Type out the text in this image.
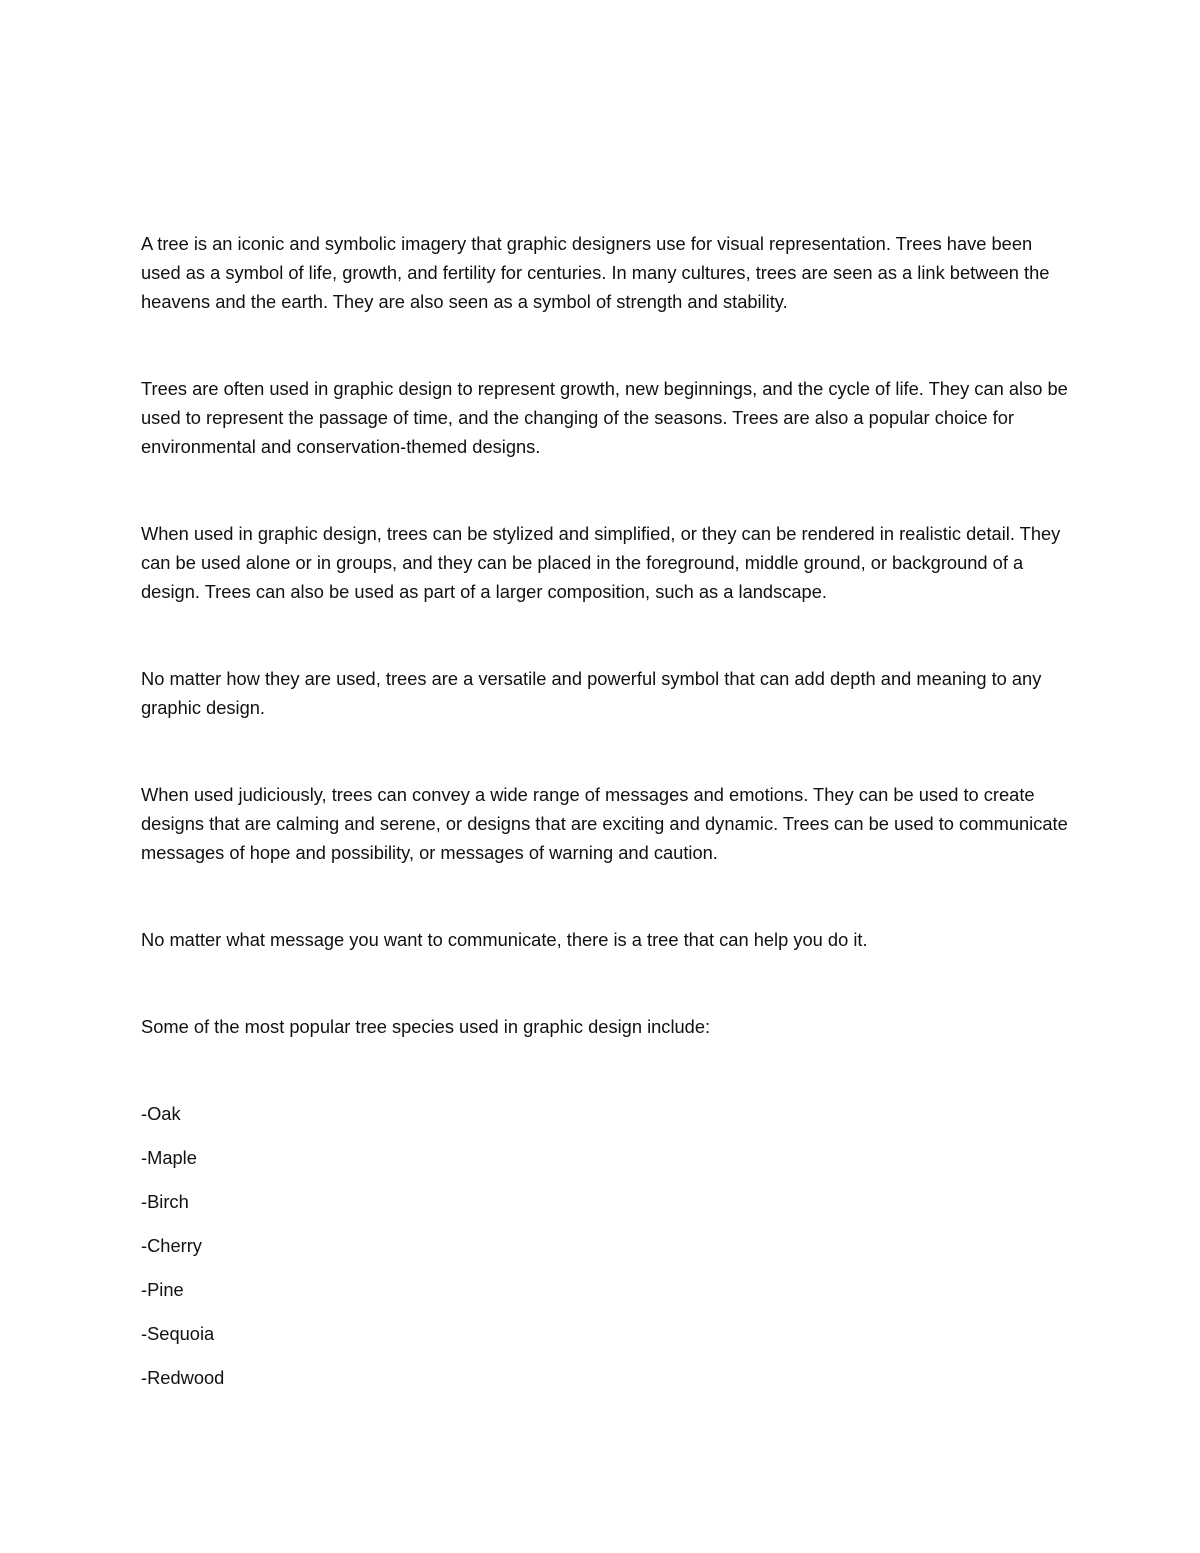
A tree is an iconic and symbolic imagery that graphic designers use for visual representation. Trees have been used as a symbol of life, growth, and fertility for centuries. In many cultures, trees are seen as a link between the heavens and the earth. They are also seen as a symbol of strength and stability.

Trees are often used in graphic design to represent growth, new beginnings, and the cycle of life. They can also be used to represent the passage of time, and the changing of the seasons. Trees are also a popular choice for environmental and conservation-themed designs.

When used in graphic design, trees can be stylized and simplified, or they can be rendered in realistic detail. They can be used alone or in groups, and they can be placed in the foreground, middle ground, or background of a design. Trees can also be used as part of a larger composition, such as a landscape.

No matter how they are used, trees are a versatile and powerful symbol that can add depth and meaning to any graphic design.

When used judiciously, trees can convey a wide range of messages and emotions. They can be used to create designs that are calming and serene, or designs that are exciting and dynamic. Trees can be used to communicate messages of hope and possibility, or messages of warning and caution.

No matter what message you want to communicate, there is a tree that can help you do it.

Some of the most popular tree species used in graphic design include:

-Oak
-Maple
-Birch
-Cherry
-Pine
-Sequoia
-Redwood
